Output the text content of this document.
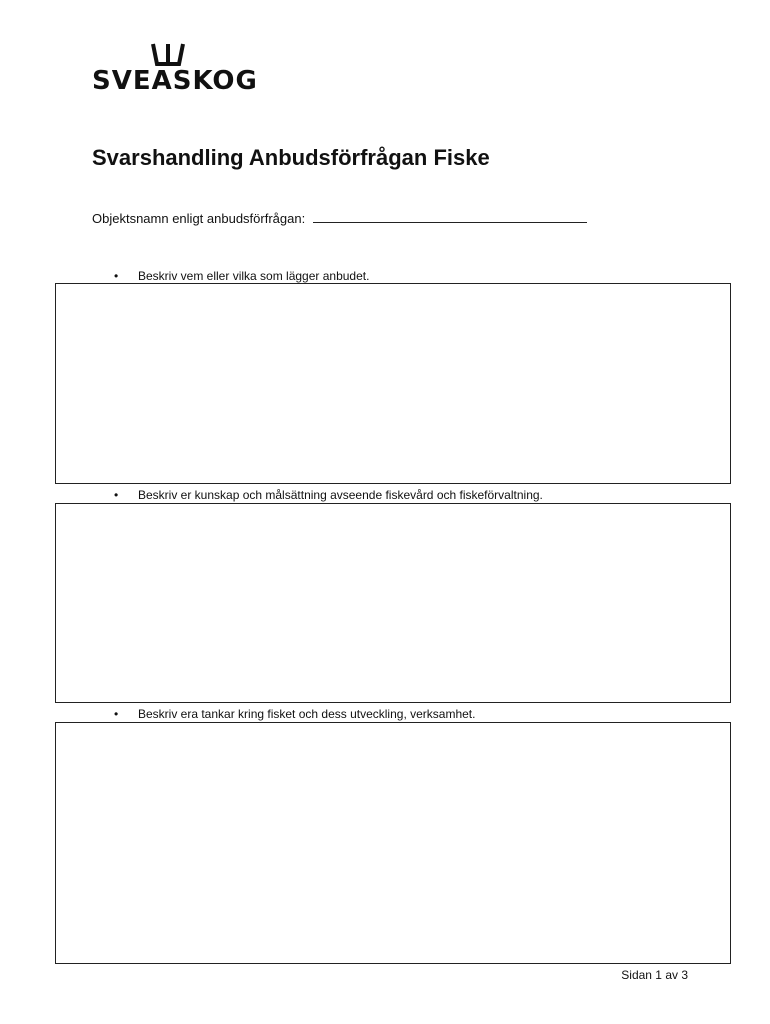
SVEASKOG
Svarshandling Anbudsförfrågan Fiske
Objektsnamn enligt anbudsförfrågan:
• Beskriv vem eller vilka som lägger anbudet.
• Beskriv er kunskap och målsättning avseende fiskevård och fiskeförvaltning.
• Beskriv era tankar kring fisket och dess utveckling, verksamhet.
Sidan 1 av 3
